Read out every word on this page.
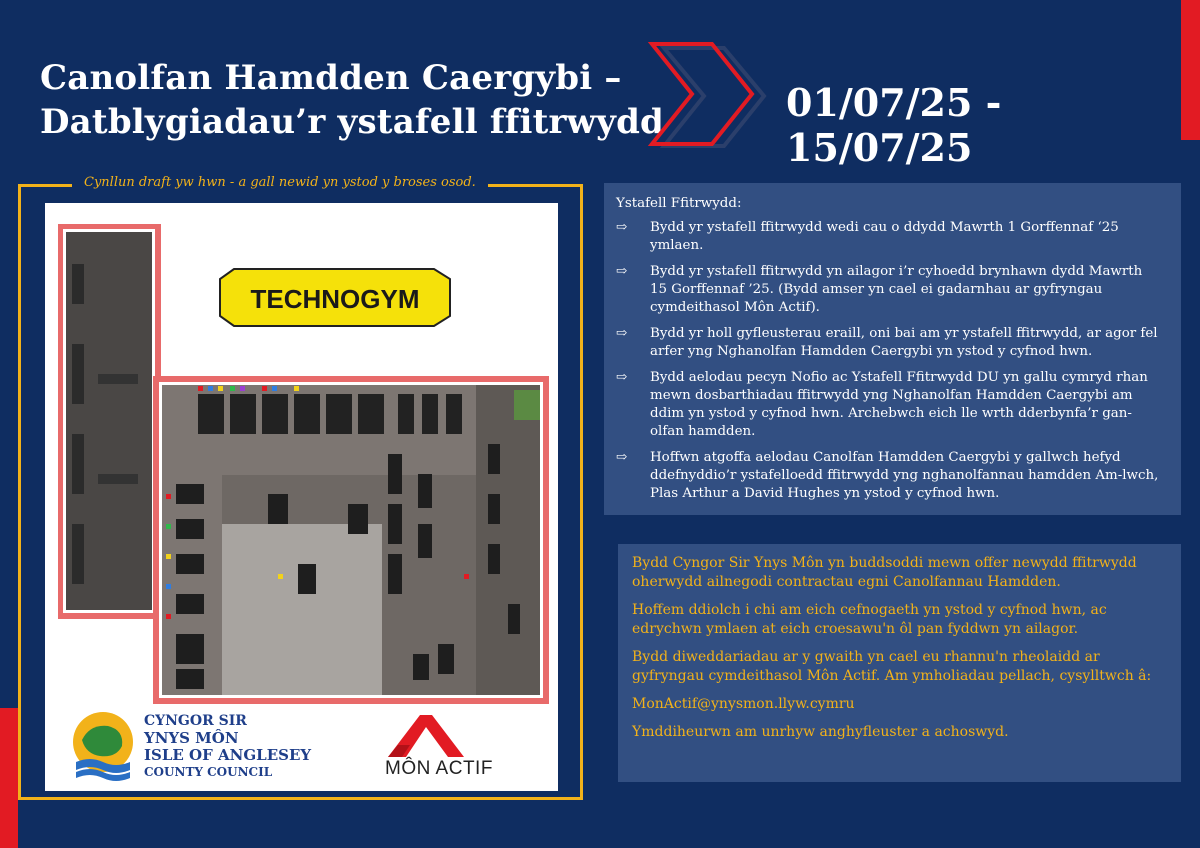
Canolfan Hamdden Caergybi –
Datblygiadau’r ystafell ffitrwydd	01/07/25 - 15/07/25
Cynllun draft yw hwn - a gall newid yn ystod y broses osod.
TECHNOGYM
CYNGOR SIR
YNYS MÔN
ISLE OF ANGLESEY
COUNTY COUNCIL	MÔN ACTIF
Ystafell Ffitrwydd:
⇨	Bydd yr ystafell ffitrwydd wedi cau o ddydd Mawrth 1 Gorffennaf ‘25 ymlaen.
⇨	Bydd yr ystafell ffitrwydd yn ailagor i’r cyhoedd brynhawn dydd Mawrth 15 Gorffennaf ’25. (Bydd amser yn cael ei gadarnhau ar gyfryngau cymdeithasol Môn Actif).
⇨	Bydd yr holl gyfleusterau eraill, oni bai am yr ystafell ffitrwydd, ar agor fel arfer yng Nghanolfan Hamdden Caergybi yn ystod y cyfnod hwn.
⇨	Bydd aelodau pecyn Nofio ac Ystafell Ffitrwydd DU yn gallu cymryd rhan mewn dosbarthiadau ffitrwydd yng Nghanolfan Hamdden Caergybi am ddim yn ystod y cyfnod hwn. Archebwch eich lle wrth dderbynfa’r gan-olfan hamdden.
⇨	Hoffwn atgoffa aelodau Canolfan Hamdden Caergybi y gallwch hefyd ddefnyddio’r ystafelloedd ffitrwydd yng nghanolfannau hamdden Am-lwch, Plas Arthur a David Hughes yn ystod y cyfnod hwn.

Bydd Cyngor Sir Ynys Môn yn buddsoddi mewn offer newydd ffitrwydd oherwydd ailnegodi contractau egni Canolfannau Hamdden.

Hoffem ddiolch i chi am eich cefnogaeth yn ystod y cyfnod hwn, ac edrychwn ymlaen at eich croesawu'n ôl pan fyddwn yn ailagor.

Bydd diweddariadau ar y gwaith yn cael eu rhannu'n rheolaidd ar gyfryngau cymdeithasol Môn Actif. Am ymholiadau pellach, cysylltwch â:

MonActif@ynysmon.llyw.cymru

Ymddiheurwn am unrhyw anghyfleuster a achoswyd.
